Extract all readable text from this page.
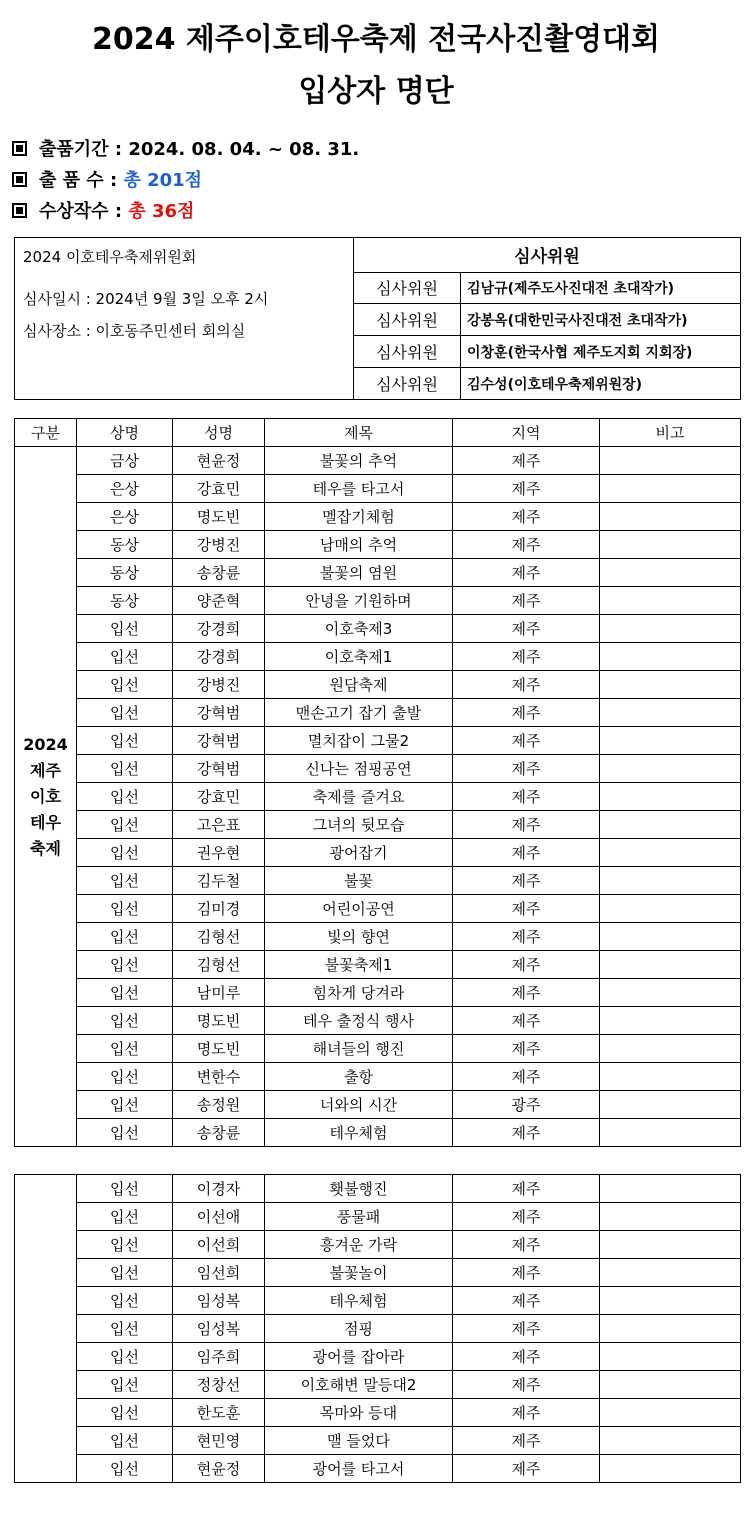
2024 제주이호테우축제 전국사진촬영대회
입상자 명단
출품기간 : 2024. 08. 04. ~ 08. 31.
출 품 수 : 총 201점
수상작수 : 총 36점
2024 이호테우축제위원회
심사일시 : 2024년 9월 3일 오후 2시
심사장소 : 이호동주민센터 회의실	심사위원	
	심사위원	김남규(제주도사진대전 초대작가)
	심사위원	강봉옥(대한민국사진대전 초대작가)
	심사위원	이창훈(한국사협 제주도지회 지회장)
	심사위원	김수성(이호테우축제위원장)
구분	상명	성명	제목	지역	비고

2024
제주
이호
테우
축제	금상	현윤정	불꽃의 추억	제주	
	은상	강효민	테우를 타고서	제주	
	은상	명도빈	멜잡기체험	제주	
	동상	강병진	남매의 추억	제주	
	동상	송창륜	불꽃의 염원	제주	
	동상	양준혁	안녕을 기원하며	제주	
	입선	강경희	이호축제3	제주	
	입선	강경희	이호축제1	제주	
	입선	강병진	원담축제	제주	
	입선	강혁범	맨손고기 잡기 출발	제주	
	입선	강혁범	멸치잡이 그물2	제주	
	입선	강혁범	신나는 점핑공연	제주	
	입선	강효민	축제를 즐겨요	제주	
	입선	고은표	그녀의 뒷모습	제주	
	입선	권우현	광어잡기	제주	
	입선	김두철	불꽃	제주	
	입선	김미경	어린이공연	제주	
	입선	김형선	빛의 향연	제주	
	입선	김형선	불꽃축제1	제주	
	입선	남미루	힘차게 당겨라	제주	
	입선	명도빈	테우 출정식 행사	제주	
	입선	명도빈	해녀들의 행진	제주	
	입선	변한수	출항	제주	
	입선	송정원	너와의 시간	광주	
	입선	송창륜	테우체험	제주	
	입선	이경자	횃불행진	제주	
	입선	이선애	풍물패	제주	
	입선	이선희	흥겨운 가락	제주	
	입선	임선희	불꽃놀이	제주	
	입선	임성복	테우체험	제주	
	입선	임성복	점핑	제주	
	입선	임주희	광어를 잡아라	제주	
	입선	정창선	이호해변 말등대2	제주	
	입선	한도훈	목마와 등대	제주	
	입선	현민영	맬 들었다	제주	
	입선	현윤정	광어를 타고서	제주	
